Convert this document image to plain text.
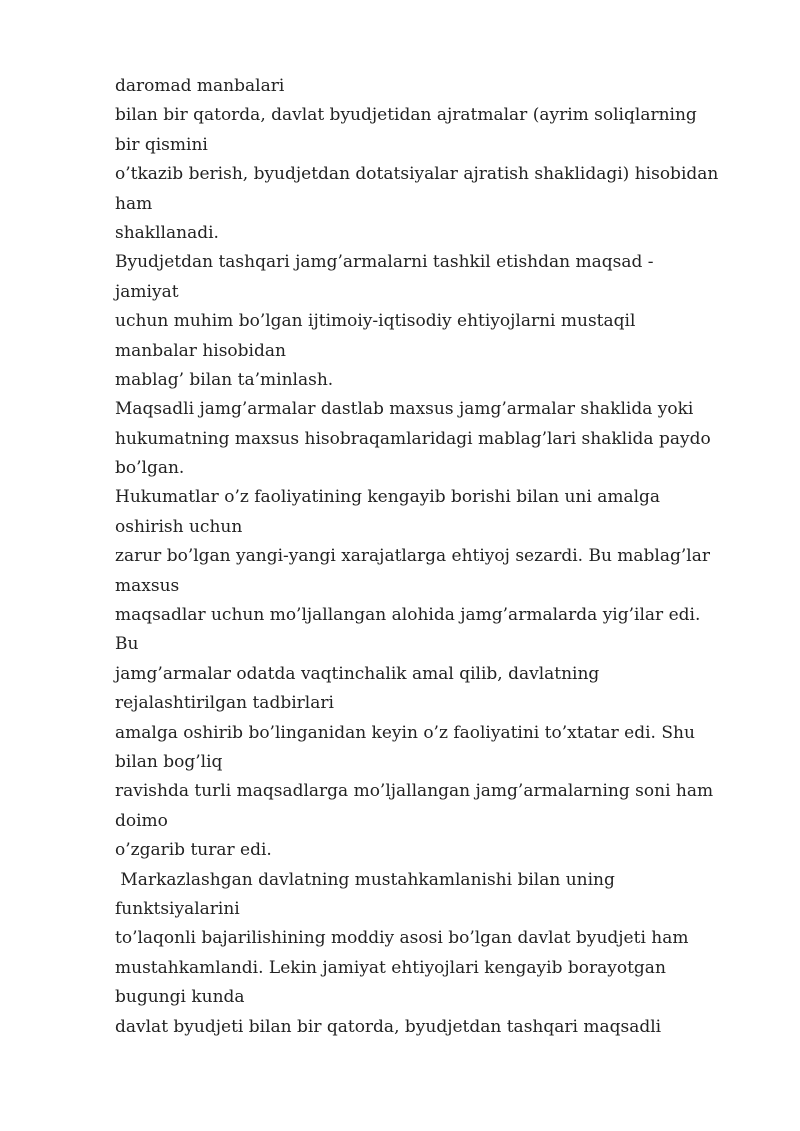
daromad manbalari
bilan bir qatorda, davlat byudjetidan ajratmalar (ayrim soliqlarning
bir qismini
o’tkazib berish, byudjetdan dotatsiyalar ajratish shaklidagi) hisobidan
ham
shakllanadi.
Byudjetdan tashqari jamg’armalarni tashkil etishdan maqsad -
jamiyat
uchun muhim bo’lgan ijtimoiy-iqtisodiy ehtiyojlarni mustaqil
manbalar hisobidan
mablag’ bilan ta’minlash.
Maqsadli jamg’armalar dastlab maxsus jamg’armalar shaklida yoki
hukumatning maxsus hisobraqamlaridagi mablag’lari shaklida paydo
bo’lgan.
Hukumatlar o’z faoliyatining kengayib borishi bilan uni amalga
oshirish uchun
zarur bo’lgan yangi-yangi xarajatlarga ehtiyoj sezardi. Bu mablag’lar
maxsus
maqsadlar uchun mo’ljallangan alohida jamg’armalarda yig’ilar edi.
Bu
jamg’armalar odatda vaqtinchalik amal qilib, davlatning
rejalashtirilgan tadbirlari
amalga oshirib bo’linganidan keyin o’z faoliyatini to’xtatar edi. Shu
bilan bog’liq
ravishda turli maqsadlarga mo’ljallangan jamg’armalarning soni ham
doimo
o’zgarib turar edi.
Markazlashgan davlatning mustahkamlanishi bilan uning
funktsiyalarini
to’laqonli bajarilishining moddiy asosi bo’lgan davlat byudjeti ham
mustahkamlandi. Lekin jamiyat ehtiyojlari kengayib borayotgan
bugungi kunda
davlat byudjeti bilan bir qatorda, byudjetdan tashqari maqsadli
